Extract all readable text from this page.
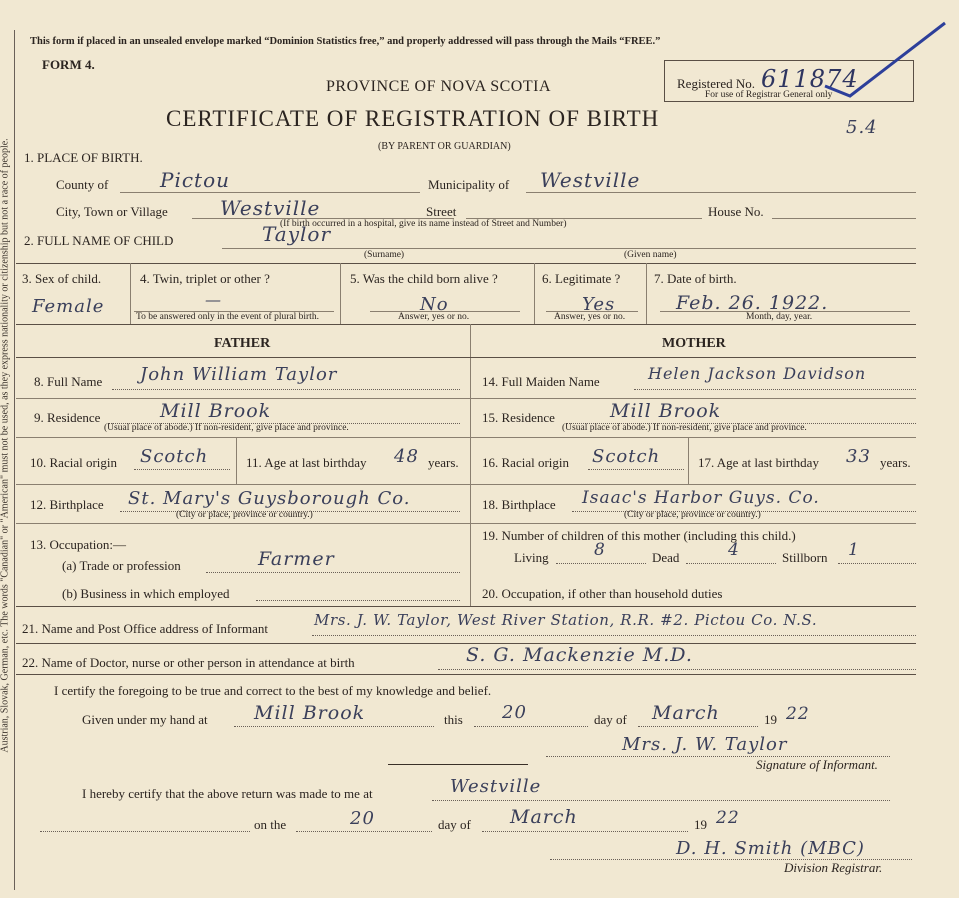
Austrian, Slovak, German, etc. The words "Canadian" or "American" must not be used, as they express nationality or citizenship but not a race of people.
This form if placed in an unsealed envelope marked “Dominion Statistics free,” and properly addressed will pass through the Mails “FREE.”
FORM 4.
PROVINCE OF NOVA SCOTIA
CERTIFICATE OF REGISTRATION OF BIRTH
(BY PARENT OR GUARDIAN)
Registered No. 611874
For use of Registrar General only
5.4
1. PLACE OF BIRTH.
County of	Pictou	Municipality of Westville
City, Town or Village	Westville	Street	House No.
(If birth occurred in a hospital, give its name instead of Street and Number)
2. FULL NAME OF CHILD	Taylor
(Surname)	(Given name)
3. Sex of child.
Female
4. Twin, triplet or other ?
—
To be answered only in the event of plural birth.
5. Was the child born alive ?
No
Answer, yes or no.
6. Legitimate ?
Yes
Answer, yes or no.
7. Date of birth.
Feb. 26. 1922.
Month, day, year.
FATHER	MOTHER
8. Full Name John William Taylor
9. Residence	Mill Brook
(Usual place of abode.) If non-resident, give place and province.
10. Racial origin Scotch	11. Age at last birthday 48 years.
12. Birthplace St. Mary's Guysborough Co.
(City or place, province or country.)
13. Occupation:—
(a) Trade or profession	Farmer
(b) Business in which employed
14. Full Maiden Name	Helen Jackson Davidson
15. Residence	Mill Brook
(Usual place of abode.) If non-resident, give place and province.
16. Racial origin Scotch	17. Age at last birthday 33 years.
18. Birthplace Isaac's Harbor Guys. Co.
(City or place, province or country.)
19. Number of children of this mother (including this child.)
Living	8	Dead	4	Stillborn 1
20. Occupation, if other than household duties
21. Name and Post Office address of Informant	Mrs. J. W. Taylor, West River Station, R.R. #2. Pictou Co. N.S.
22. Name of Doctor, nurse or other person in attendance at birth	S. G. Mackenzie M.D.
I certify the foregoing to be true and correct to the best of my knowledge and belief.
Given under my hand at Mill Brook	this 20	day of March	19 22
Mrs. J. W. Taylor
Signature of Informant.
I hereby certify that the above return was made to me at	Westville
on the	20	day of March	19 22
D. H. Smith (MBC)
Division Registrar.
